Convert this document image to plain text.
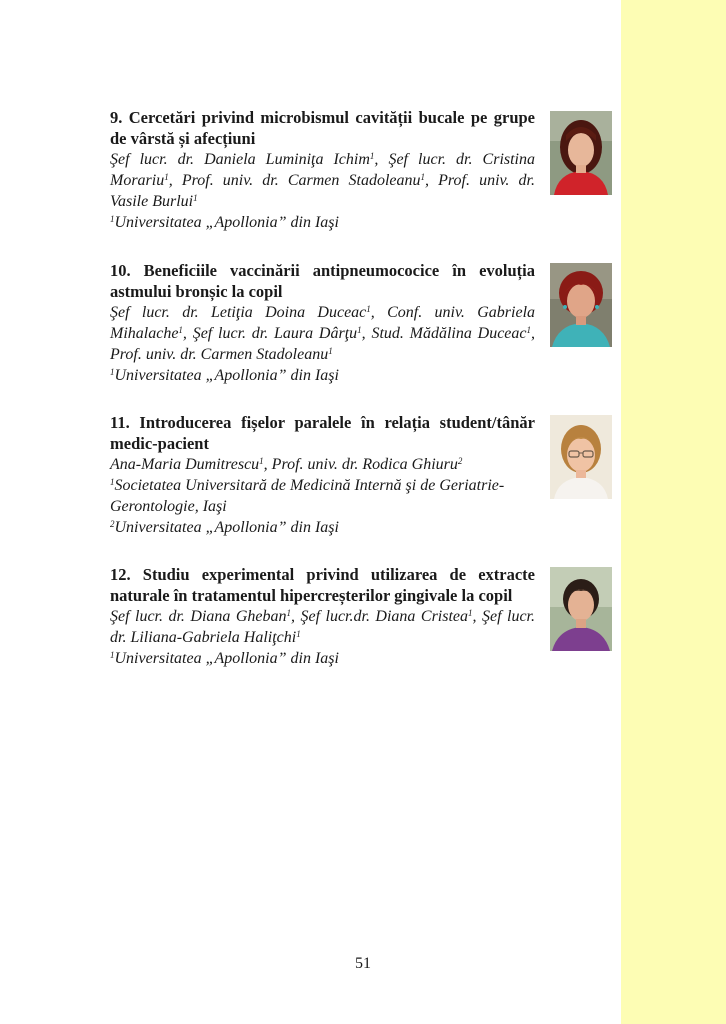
9. Cercetări privind microbismul cavității bucale pe grupe de vârstă și afecțiuni

Şef lucr. dr. Daniela Luminiţa Ichim$^1$, Şef lucr. dr. Cristina Morariu$^1$, Prof. univ. dr. Carmen Stadoleanu$^1$, Prof. univ. dr. Vasile Burlui$^1$

$^1$Universitatea „Apollonia” din Iaşi

10. Beneficiile vaccinării antipneumococice în evoluția astmului bronșic la copil

Şef lucr. dr. Letiţia Doina Duceac$^1$, Conf. univ. Gabriela Mihalache$^1$, Şef lucr. dr. Laura Dârţu$^1$, Stud. Mădălina Duceac$^1$, Prof. univ. dr. Carmen Stadoleanu$^1$

$^1$Universitatea „Apollonia” din Iaşi

11. Introducerea fișelor paralele în relația student/tânăr medic-pacient

Ana-Maria Dumitrescu$^1$, Prof. univ. dr. Rodica Ghiuru$^2$

$^1$Societatea Universitară de Medicină Internă şi de Geriatrie-Gerontologie, Iaşi

$^2$Universitatea „Apollonia” din Iaşi

12. Studiu experimental privind utilizarea de extracte naturale în tratamentul hipercreșterilor gingivale la copil

Şef lucr. dr. Diana Gheban$^1$, Şef lucr.dr. Diana Cristea$^1$, Şef lucr. dr. Liliana-Gabriela Haliţchi$^1$

$^1$Universitatea „Apollonia” din Iaşi

51
